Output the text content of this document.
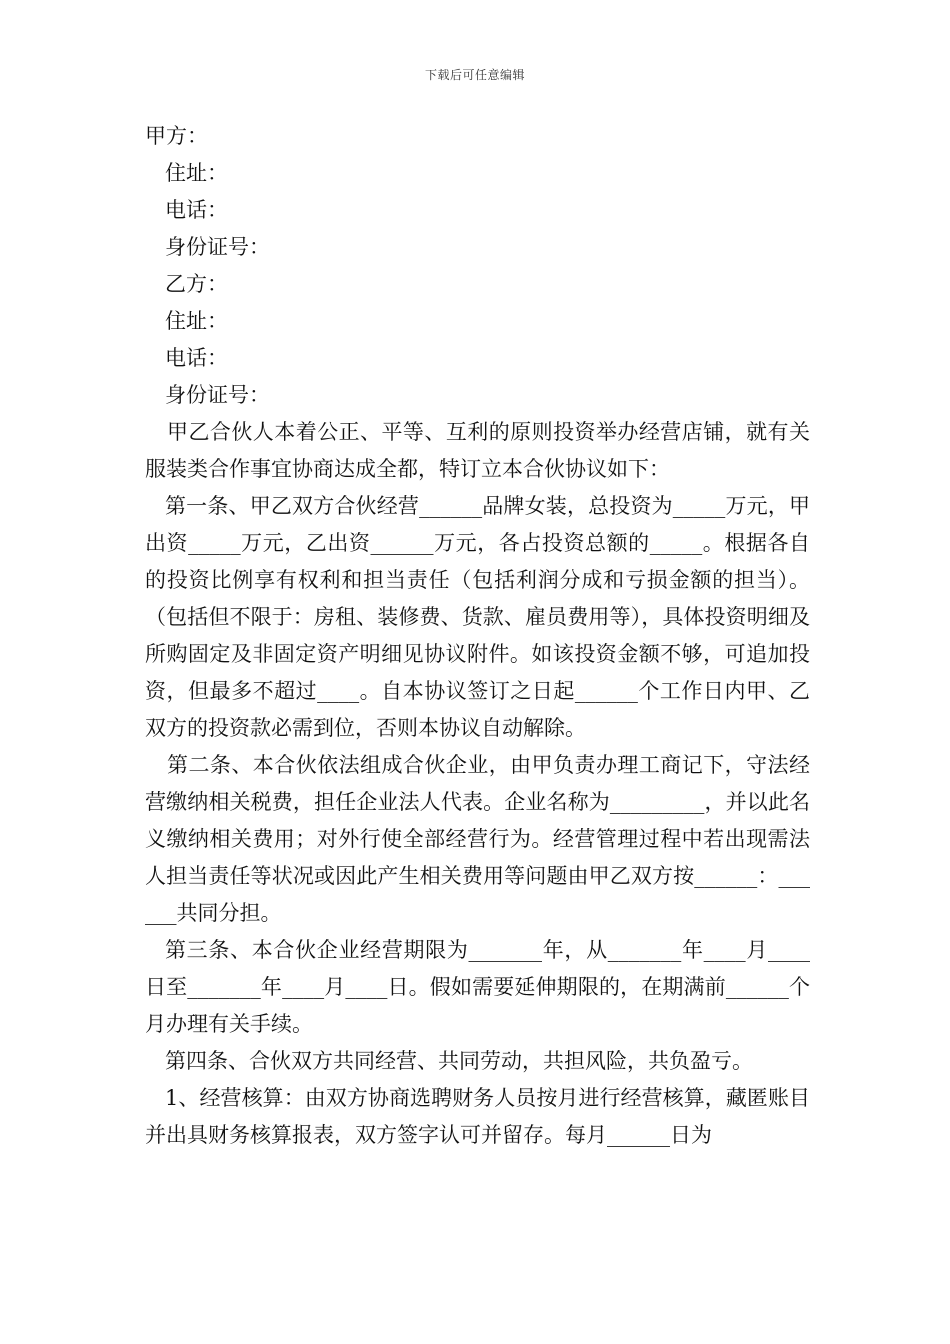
下载后可任意编辑
甲方：
住址：
电话：
身份证号：
乙方：
住址：
电话：
身份证号：
甲乙合伙人本着公正、平等、互利的原则投资举办经营店铺，就有关服装类合作事宜协商达成全都，特订立本合伙协议如下：
第一条、甲乙双方合伙经营______品牌女装，总投资为_____万元，甲出资_____万元，乙出资______万元，各占投资总额的_____。根据各自的投资比例享有权利和担当责任（包括利润分成和亏损金额的担当）。（包括但不限于：房租、装修费、货款、雇员费用等），具体投资明细及所购固定及非固定资产明细见协议附件。如该投资金额不够，可追加投资，但最多不超过____。自本协议签订之日起______个工作日内甲、乙双方的投资款必需到位，否则本协议自动解除。
第二条、本合伙依法组成合伙企业，由甲负责办理工商记下，守法经营缴纳相关税费，担任企业法人代表。企业名称为_________，并以此名义缴纳相关费用；对外行使全部经营行为。经营管理过程中若出现需法人担当责任等状况或因此产生相关费用等问题由甲乙双方按______：______共同分担。
第三条、本合伙企业经营期限为_______年，从_______年____月____日至_______年____月____日。假如需要延伸期限的，在期满前______个月办理有关手续。
第四条、合伙双方共同经营、共同劳动，共担风险，共负盈亏。
1、经营核算：由双方协商选聘财务人员按月进行经营核算，藏匿账目并出具财务核算报表，双方签字认可并留存。每月______日为
